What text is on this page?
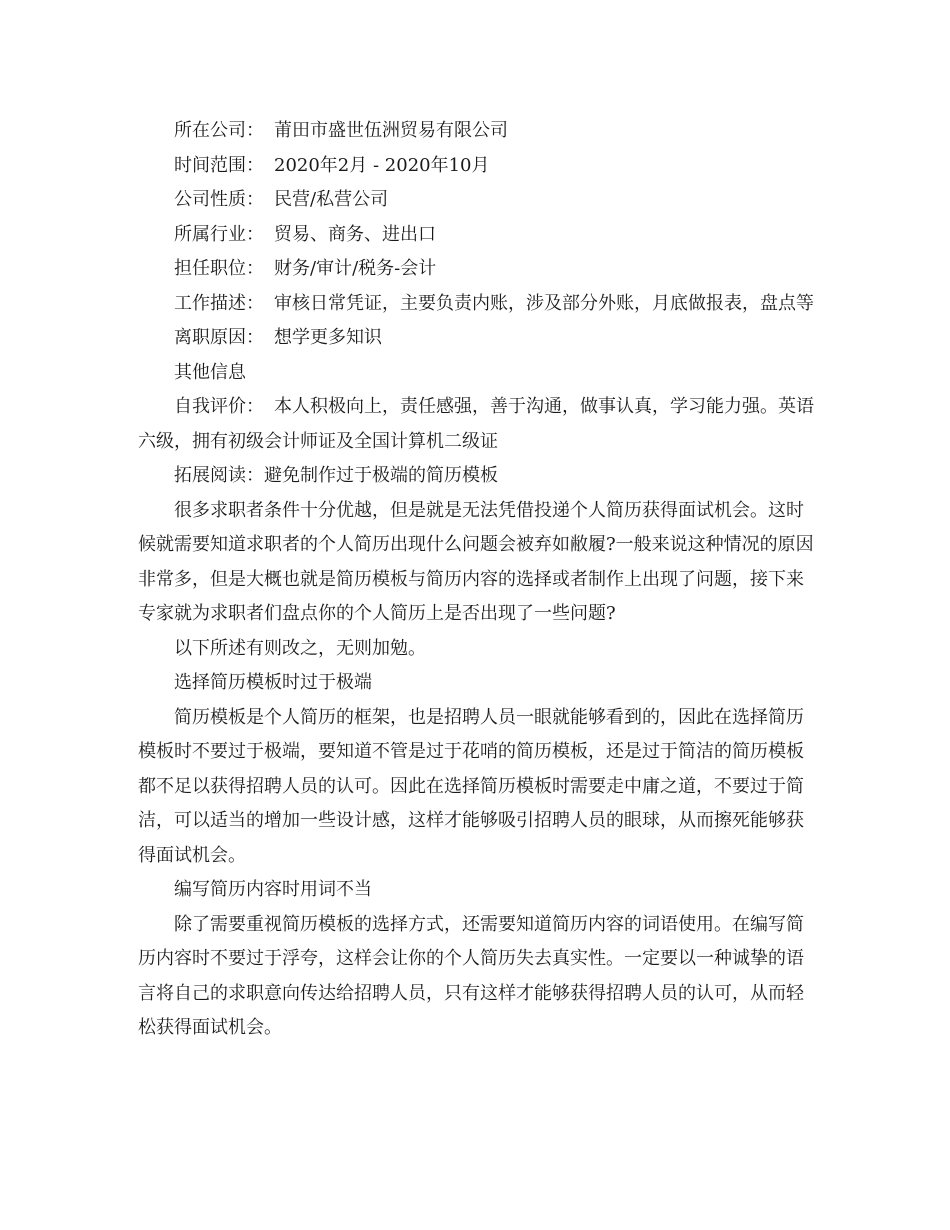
所在公司： 莆田市盛世伍洲贸易有限公司

时间范围： 2020年2月 - 2020年10月

公司性质： 民营/私营公司

所属行业： 贸易、商务、进出口

担任职位： 财务/审计/税务-会计

工作描述： 审核日常凭证，主要负责内账，涉及部分外账，月底做报表，盘点等

离职原因： 想学更多知识

其他信息

自我评价： 本人积极向上，责任感强，善于沟通，做事认真，学习能力强。英语六级，拥有初级会计师证及全国计算机二级证

拓展阅读：避免制作过于极端的简历模板

很多求职者条件十分优越，但是就是无法凭借投递个人简历获得面试机会。这时候就需要知道求职者的个人简历出现什么问题会被弃如敝履?一般来说这种情况的原因非常多，但是大概也就是简历模板与简历内容的选择或者制作上出现了问题，接下来专家就为求职者们盘点你的个人简历上是否出现了一些问题?

以下所述有则改之，无则加勉。

选择简历模板时过于极端

简历模板是个人简历的框架，也是招聘人员一眼就能够看到的，因此在选择简历模板时不要过于极端，要知道不管是过于花哨的简历模板，还是过于简洁的简历模板都不足以获得招聘人员的认可。因此在选择简历模板时需要走中庸之道，不要过于简洁，可以适当的增加一些设计感，这样才能够吸引招聘人员的眼球，从而擦死能够获得面试机会。

编写简历内容时用词不当

除了需要重视简历模板的选择方式，还需要知道简历内容的词语使用。在编写简历内容时不要过于浮夸，这样会让你的个人简历失去真实性。一定要以一种诚挚的语言将自己的求职意向传达给招聘人员，只有这样才能够获得招聘人员的认可，从而轻松获得面试机会。
